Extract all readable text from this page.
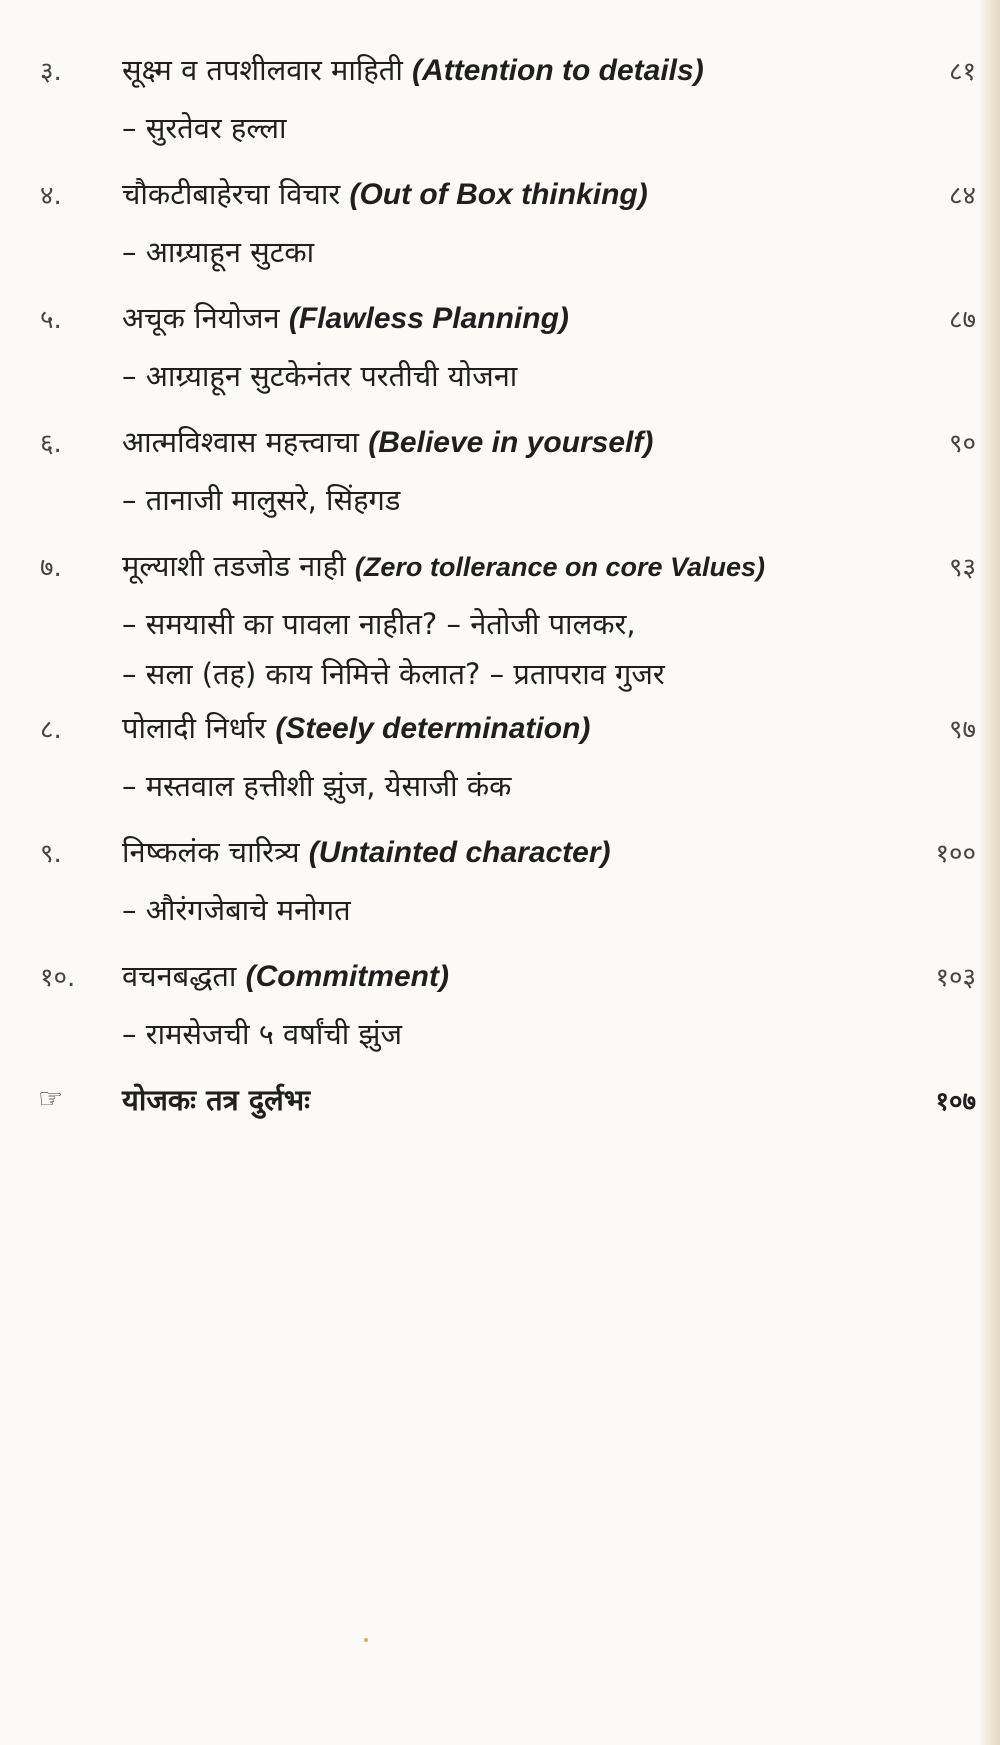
३. सूक्ष्म व तपशीलवार माहिती (Attention to details)	८१
– सुरतेवर हल्ला
४. चौकटीबाहेरचा विचार (Out of Box thinking)	८४
– आग्र्याहून सुटका
५. अचूक नियोजन (Flawless Planning)	८७
– आग्र्याहून सुटकेनंतर परतीची योजना
६. आत्मविश्वास महत्त्वाचा (Believe in yourself)	९०
– तानाजी मालुसरे, सिंहगड
७. मूल्याशी तडजोड नाही (Zero tollerance on core Values)	९३
– समयासी का पावला नाहीत? – नेतोजी पालकर,
– सला (तह) काय निमित्ते केलात? – प्रतापराव गुजर
८. पोलादी निर्धार (Steely determination)	९७
– मस्तवाल हत्तीशी झुंज, येसाजी कंक
९. निष्कलंक चारित्र्य (Untainted character)	१००
– औरंगजेबाचे मनोगत
१०. वचनबद्धता (Commitment)	१०३
– रामसेजची ५ वर्षांची झुंज
☞ योजकः तत्र दुर्लभः	१०७
